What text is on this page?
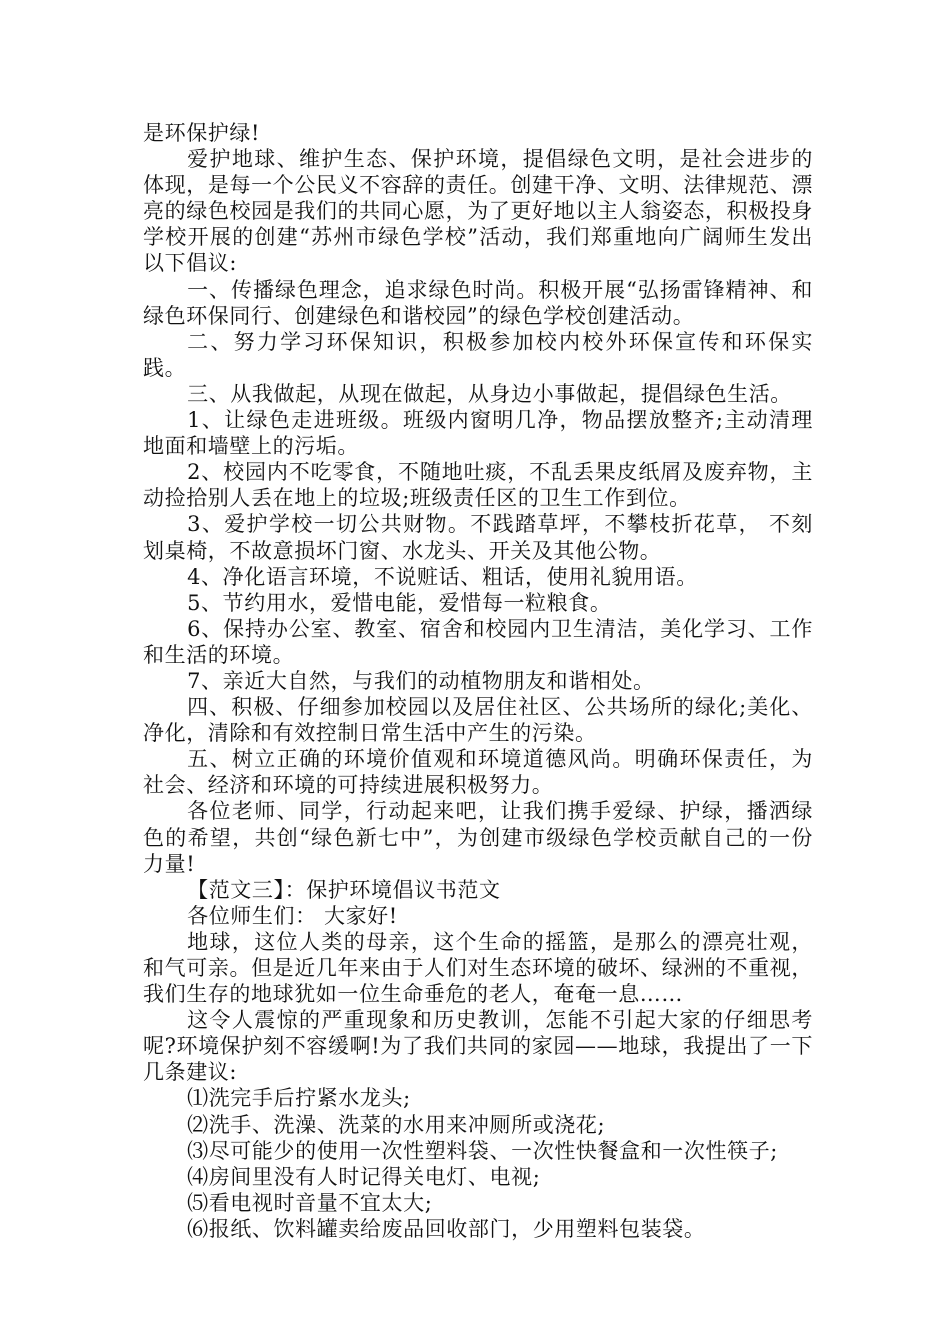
是环保护绿!

爱护地球、维护生态、保护环境，提倡绿色文明，是社会进步的体现，是每一个公民义不容辞的责任。创建干净、文明、法律规范、漂亮的绿色校园是我们的共同心愿，为了更好地以主人翁姿态，积极投身学校开展的创建“苏州市绿色学校”活动，我们郑重地向广阔师生发出以下倡议:

一、传播绿色理念，追求绿色时尚。积极开展“弘扬雷锋精神、和绿色环保同行、创建绿色和谐校园”的绿色学校创建活动。

二、努力学习环保知识，积极参加校内校外环保宣传和环保实践。

三、从我做起，从现在做起，从身边小事做起，提倡绿色生活。

1、让绿色走进班级。班级内窗明几净，物品摆放整齐;主动清理地面和墙壁上的污垢。

2、校园内不吃零食，不随地吐痰，不乱丢果皮纸屑及废弃物，主动捡拾别人丢在地上的垃圾;班级责任区的卫生工作到位。

3、爱护学校一切公共财物。不践踏草坪，不攀枝折花草， 不刻划桌椅，不故意损坏门窗、水龙头、开关及其他公物。

4、净化语言环境，不说赃话、粗话，使用礼貌用语。

5、节约用水，爱惜电能，爱惜每一粒粮食。

6、保持办公室、教室、宿舍和校园内卫生清洁，美化学习、工作和生活的环境。

7、亲近大自然，与我们的动植物朋友和谐相处。

四、积极、仔细参加校园以及居住社区、公共场所的绿化;美化、净化，清除和有效控制日常生活中产生的污染。

五、树立正确的环境价值观和环境道德风尚。明确环保责任，为社会、经济和环境的可持续进展积极努力。

各位老师、同学，行动起来吧，让我们携手爱绿、护绿，播洒绿色的希望，共创“绿色新七中”，为创建市级绿色学校贡献自己的一份力量!

【范文三】：保护环境倡议书范文

各位师生们： 大家好!

地球，这位人类的母亲，这个生命的摇篮，是那么的漂亮壮观，和气可亲。但是近几年来由于人们对生态环境的破坏、绿洲的不重视，我们生存的地球犹如一位生命垂危的老人，奄奄一息……

这令人震惊的严重现象和历史教训，怎能不引起大家的仔细思考呢?环境保护刻不容缓啊!为了我们共同的家园——地球，我提出了一下几条建议:

⑴洗完手后拧紧水龙头;

⑵洗手、洗澡、洗菜的水用来冲厕所或浇花;

⑶尽可能少的使用一次性塑料袋、一次性快餐盒和一次性筷子;

⑷房间里没有人时记得关电灯、电视;

⑸看电视时音量不宜太大;

⑹报纸、饮料罐卖给废品回收部门，少用塑料包装袋。
